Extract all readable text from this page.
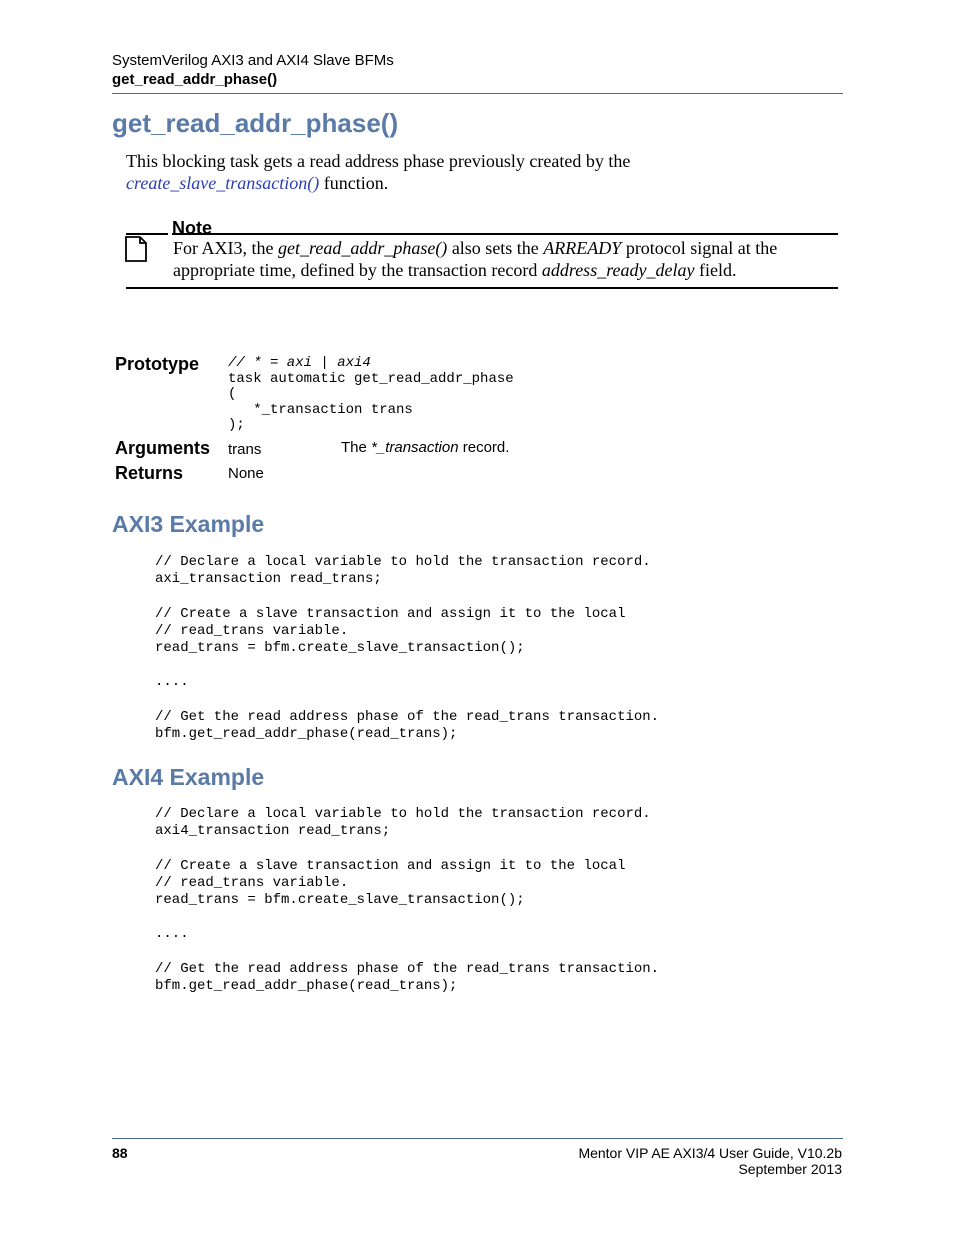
SystemVerilog AXI3 and AXI4 Slave BFMs
get_read_addr_phase()
get_read_addr_phase()
This blocking task gets a read address phase previously created by the
create_slave_transaction() function.
Note
For AXI3, the get_read_addr_phase() also sets the ARREADY protocol signal at the appropriate time, defined by the transaction record address_ready_delay field.
Prototype // * = axi | axi4
task automatic get_read_addr_phase
(
*_transaction trans
);
Arguments trans	The *_transaction record.
Returns	None
AXI3 Example
// Declare a local variable to hold the transaction record.
axi_transaction read_trans;

// Create a slave transaction and assign it to the local
// read_trans variable.
read_trans = bfm.create_slave_transaction();

....

// Get the read address phase of the read_trans transaction.
bfm.get_read_addr_phase(read_trans);
AXI4 Example
// Declare a local variable to hold the transaction record.
axi4_transaction read_trans;

// Create a slave transaction and assign it to the local
// read_trans variable.
read_trans = bfm.create_slave_transaction();

....

// Get the read address phase of the read_trans transaction.
bfm.get_read_addr_phase(read_trans);
88	Mentor VIP AE AXI3/4 User Guide, V10.2b
September 2013
